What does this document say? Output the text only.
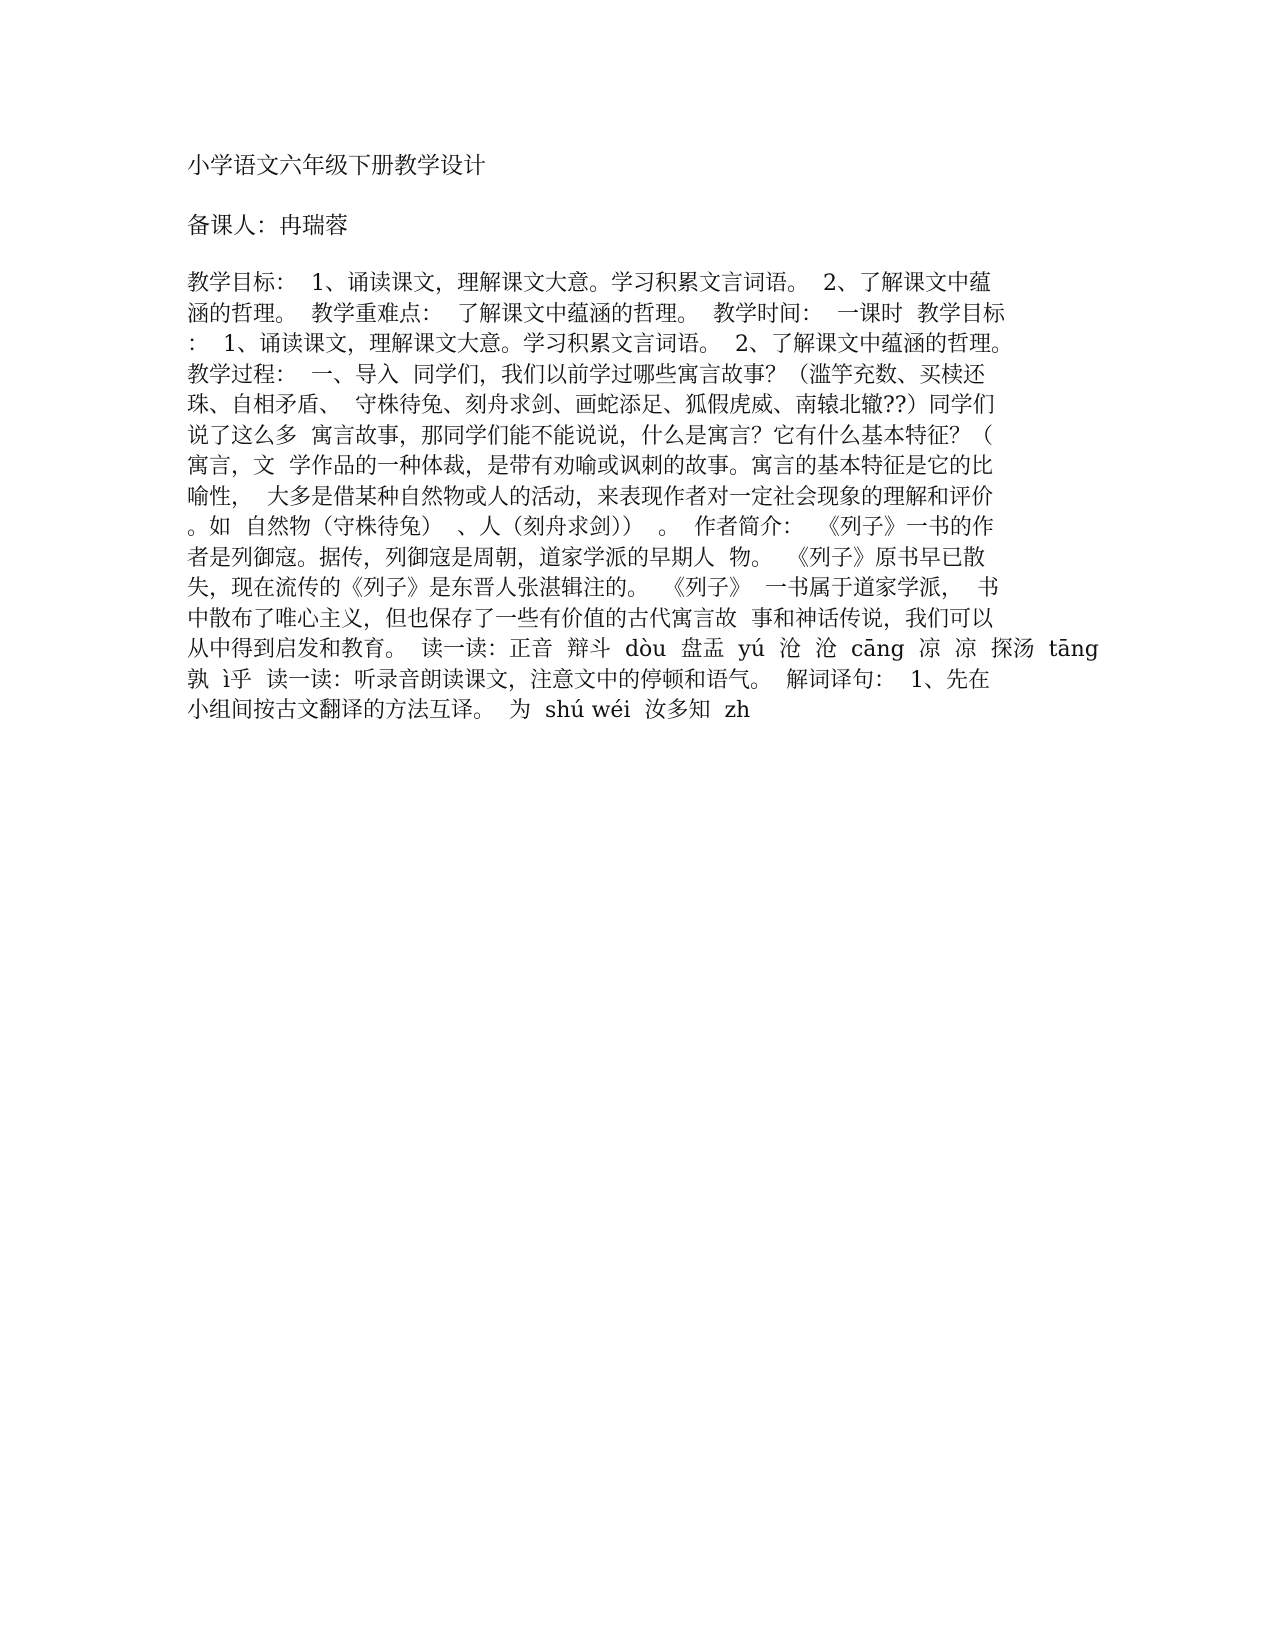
小学语文六年级下册教学设计
备课人：冉瑞蓉
教学目标：  1、诵读课文，理解课文大意。学习积累文言词语。  2、了解课文中蕴
涵的哲理。  教学重难点：  了解课文中蕴涵的哲理。  教学时间：  一课时  教学目标
：  1、诵读课文，理解课文大意。学习积累文言词语。  2、了解课文中蕴涵的哲理。
教学过程：  一、导入  同学们，我们以前学过哪些寓言故事？（滥竽充数、买椟还
珠、自相矛盾、  守株待兔、刻舟求剑、画蛇添足、狐假虎威、南辕北辙??）同学们
说了这么多  寓言故事，那同学们能不能说说，什么是寓言？它有什么基本特征？（
寓言，文  学作品的一种体裁，是带有劝喻或讽刺的故事。寓言的基本特征是它的比
喻性，  大多是借某种自然物或人的活动，来表现作者对一定社会现象的理解和评价
。如  自然物（守株待兔）  、人（刻舟求剑））  。  作者简介：  《列子》一书的作
者是列御寇。据传，列御寇是周朝，道家学派的早期人  物。  《列子》原书早已散
失，现在流传的《列子》是东晋人张湛辑注的。  《列子》  一书属于道家学派，  书
中散布了唯心主义，但也保存了一些有价值的古代寓言故  事和神话传说，我们可以
从中得到启发和教育。  读一读：正音  辩斗  dòu  盘盂  yú  沧  沧  cāng  凉  凉  探汤  tāng
孰  ì乎  读一读：听录音朗读课文，注意文中的停顿和语气。  解词译句：  1、先在
小组间按古文翻译的方法互译。  为  shú wéi  汝多知  zh
